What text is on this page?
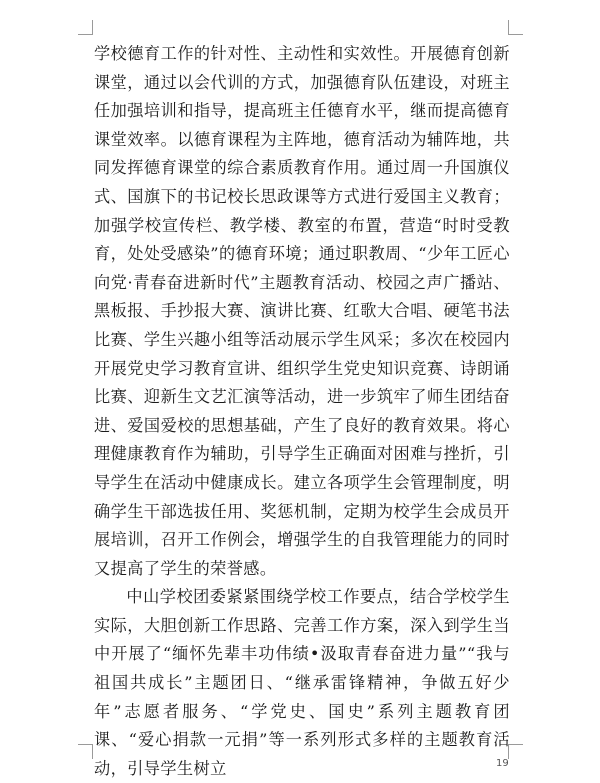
学校德育工作的针对性、主动性和实效性。开展德育创新课堂，通过以会代训的方式，加强德育队伍建设，对班主任加强培训和指导，提高班主任德育水平，继而提高德育课堂效率。以德育课程为主阵地，德育活动为辅阵地，共同发挥德育课堂的综合素质教育作用。通过周一升国旗仪式、国旗下的书记校长思政课等方式进行爱国主义教育；加强学校宣传栏、教学楼、教室的布置，营造“时时受教育，处处受感染”的德育环境；通过职教周、“少年工匠心向党·青春奋进新时代”主题教育活动、校园之声广播站、黑板报、手抄报大赛、演讲比赛、红歌大合唱、硬笔书法比赛、学生兴趣小组等活动展示学生风采；多次在校园内开展党史学习教育宣讲、组织学生党史知识竞赛、诗朗诵比赛、迎新生文艺汇演等活动，进一步筑牢了师生团结奋进、爱国爱校的思想基础，产生了良好的教育效果。将心理健康教育作为辅助，引导学生正确面对困难与挫折，引导学生在活动中健康成长。建立各项学生会管理制度，明确学生干部选拔任用、奖惩机制，定期为校学生会成员开展培训，召开工作例会，增强学生的自我管理能力的同时又提高了学生的荣誉感。

中山学校团委紧紧围绕学校工作要点，结合学校学生实际，大胆创新工作思路、完善工作方案，深入到学生当中开展了“缅怀先辈丰功伟绩•汲取青春奋进力量”“我与祖国共成长”主题团日、“继承雷锋精神，争做五好少年”志愿者服务、“学党史、国史”系列主题教育团课、“爱心捐款一元捐”等一系列形式多样的主题教育活动，引导学生树立	19
